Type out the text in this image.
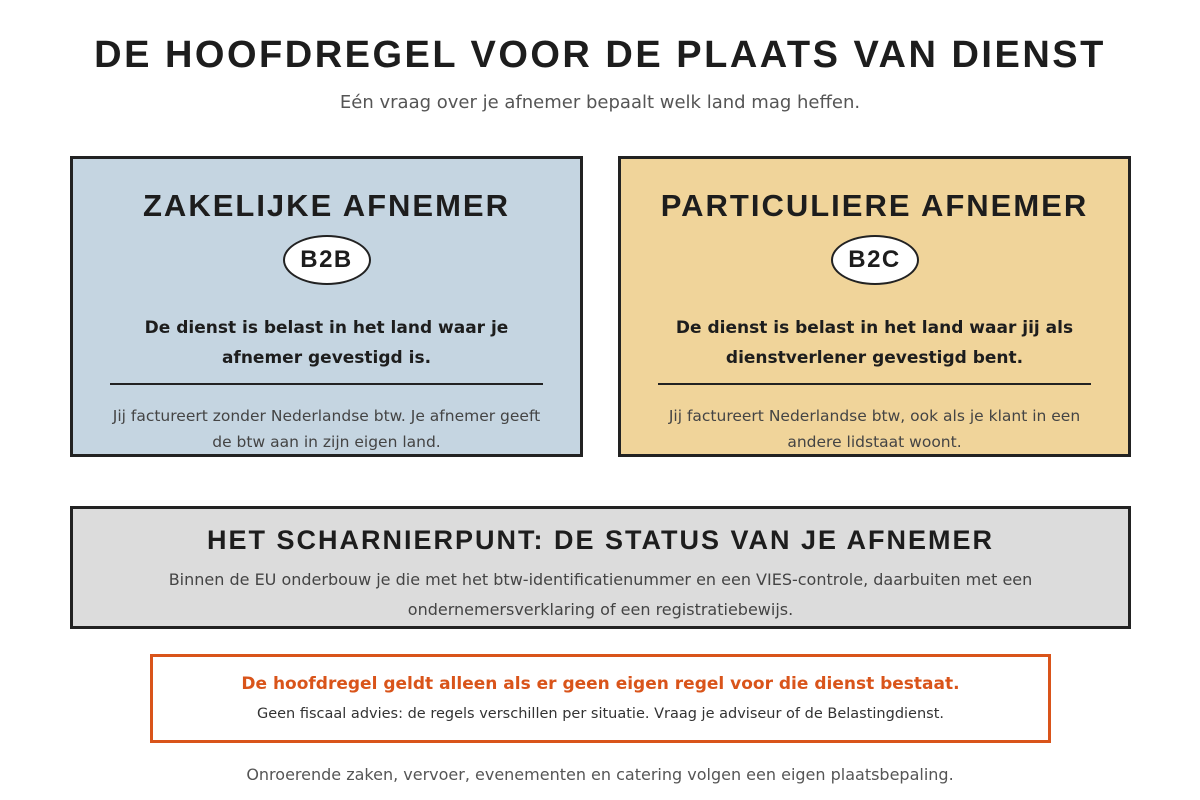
DE HOOFDREGEL VOOR DE PLAATS VAN DIENST

Eén vraag over je afnemer bepaalt welk land mag heffen.

ZAKELIJKE AFNEMER
B2B

De dienst is belast in het land waar je afnemer gevestigd is.

Jij factureert zonder Nederlandse btw. Je afnemer geeft de btw aan in zijn eigen land.

PARTICULIERE AFNEMER
B2C

De dienst is belast in het land waar jij als dienstverlener gevestigd bent.

Jij factureert Nederlandse btw, ook als je klant in een andere lidstaat woont.

HET SCHARNIERPUNT: DE STATUS VAN JE AFNEMER

Binnen de EU onderbouw je die met het btw-identificatienummer en een VIES-controle, daarbuiten met een ondernemersverklaring of een registratiebewijs.

De hoofdregel geldt alleen als er geen eigen regel voor die dienst bestaat.

Geen fiscaal advies: de regels verschillen per situatie. Vraag je adviseur of de Belastingdienst.

Onroerende zaken, vervoer, evenementen en catering volgen een eigen plaatsbepaling.
